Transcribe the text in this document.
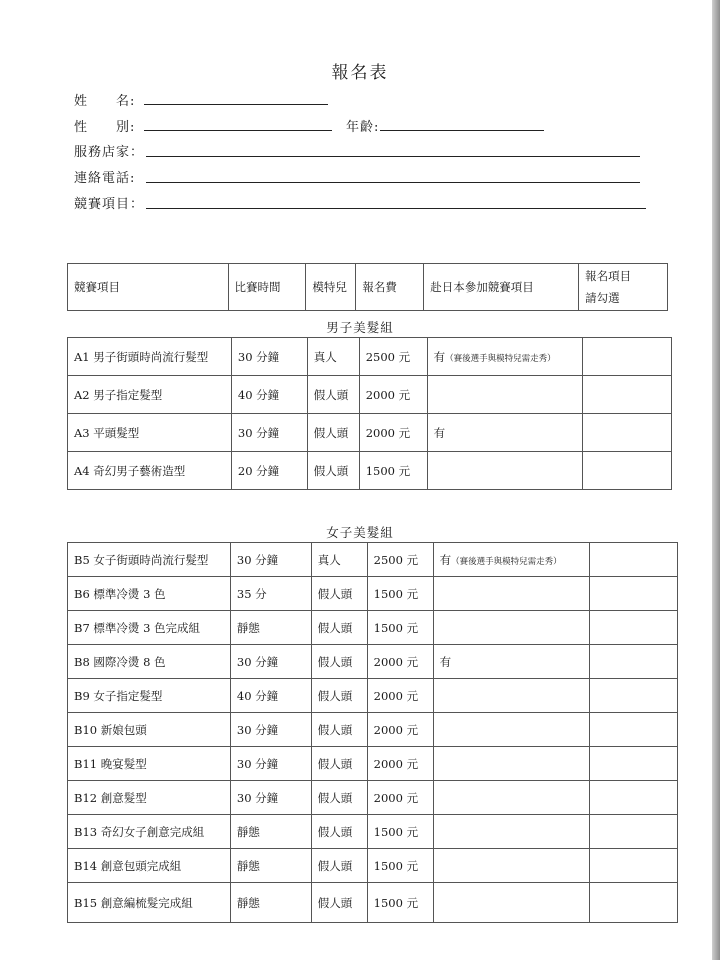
報名表
姓　　名:
性　　別:	年齡:
服務店家：
連絡電話:
競賽項目：
競賽項目	比賽時間	模特兒	報名費	赴日本參加競賽項目	
報名項目
請勾選
男子美髮組
A1 男子街頭時尚流行髮型	30 分鐘	真人	2500 元	有（賽後選手與模特兒需走秀）	
A2 男子指定髮型	40 分鐘	假人頭	2000 元		
A3 平頭髮型	30 分鐘	假人頭	2000 元	有	
A4 奇幻男子藝術造型	20 分鐘	假人頭	1500 元		
女子美髮組
B5 女子街頭時尚流行髮型	30 分鐘	真人	2500 元	有（賽後選手與模特兒需走秀）	
B6 標準冷燙 3 色	35 分	假人頭	1500 元		
B7 標準冷燙 3 色完成組	靜態	假人頭	1500 元		
B8 國際冷燙 8 色	30 分鐘	假人頭	2000 元	有	
B9 女子指定髮型	40 分鐘	假人頭	2000 元		
B10 新娘包頭	30 分鐘	假人頭	2000 元		
B11 晚宴髮型	30 分鐘	假人頭	2000 元		
B12 創意髮型	30 分鐘	假人頭	2000 元		
B13 奇幻女子創意完成組	靜態	假人頭	1500 元		
B14 創意包頭完成組	靜態	假人頭	1500 元		
B15 創意編梳髮完成組	靜態	假人頭	1500 元		
